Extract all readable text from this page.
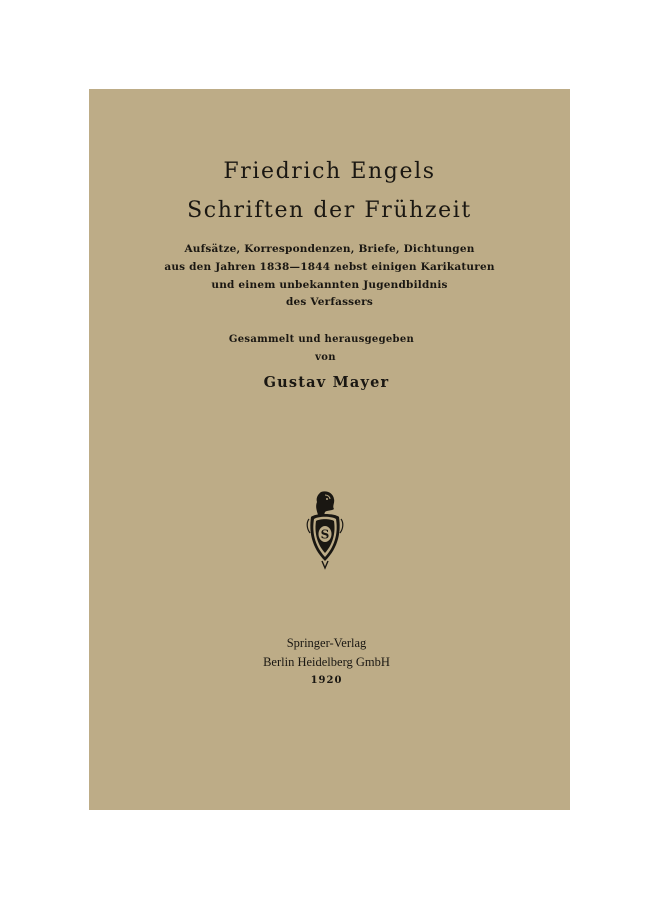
Friedrich Engels
Schriften der Frühzeit
Aufsätze, Korrespondenzen, Briefe, Dichtungen
aus den Jahren 1838—1844 nebst einigen Karikaturen
und einem unbekannten Jugendbildnis
des Verfassers
Gesammelt und herausgegeben
von
Gustav Mayer
S
Springer-Verlag
Berlin Heidelberg GmbH
1920
